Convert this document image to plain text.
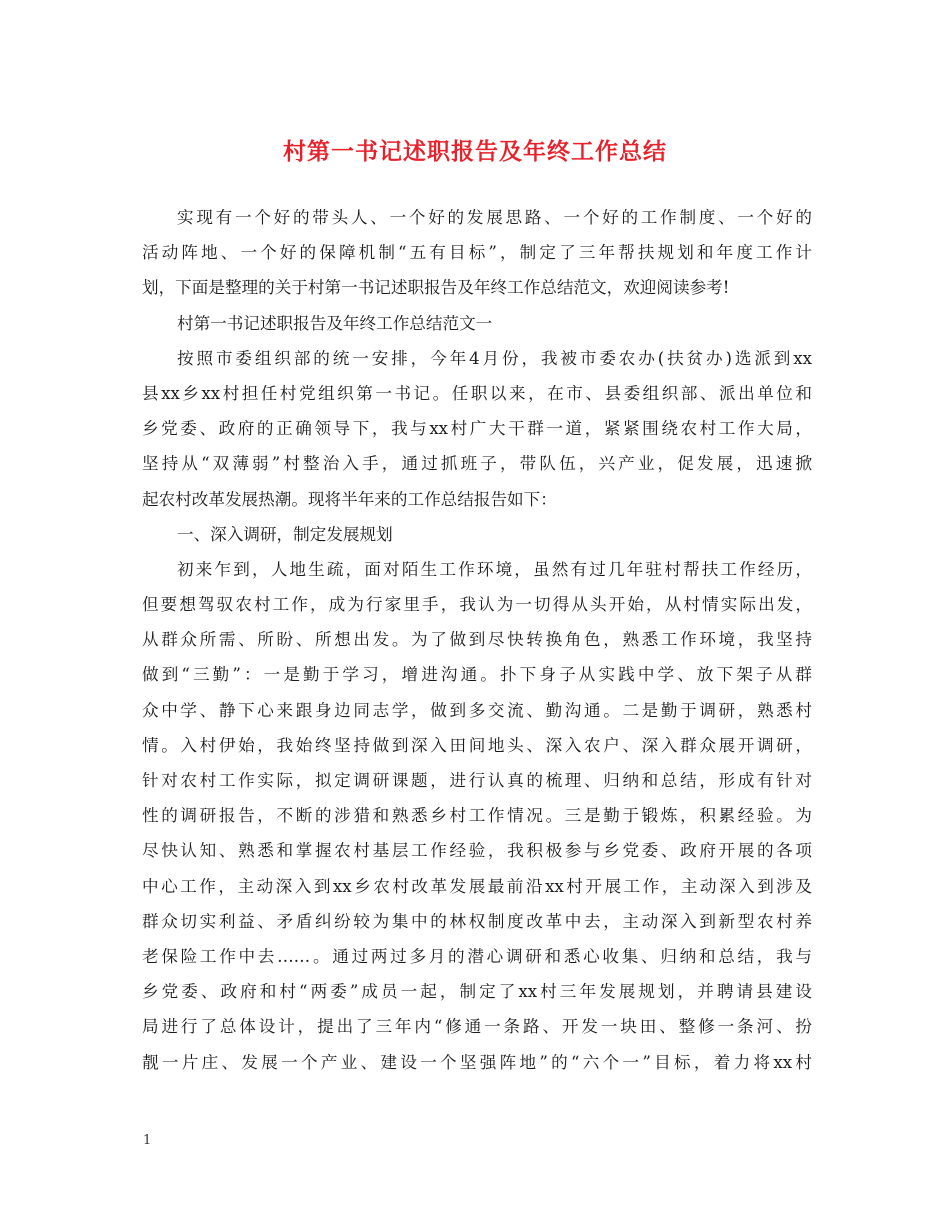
村第一书记述职报告及年终工作总结
实现有一个好的带头人、一个好的发展思路、一个好的工作制度、一个好的
活动阵地、一个好的保障机制“五有目标”，制定了三年帮扶规划和年度工作计
划，下面是整理的关于村第一书记述职报告及年终工作总结范文，欢迎阅读参考!
村第一书记述职报告及年终工作总结范文一
按照市委组织部的统一安排，今年4月份，我被市委农办(扶贫办)选派到xx
县xx乡xx村担任村党组织第一书记。任职以来，在市、县委组织部、派出单位和
乡党委、政府的正确领导下，我与xx村广大干群一道，紧紧围绕农村工作大局，
坚持从“双薄弱”村整治入手，通过抓班子，带队伍，兴产业，促发展，迅速掀
起农村改革发展热潮。现将半年来的工作总结报告如下：
一、深入调研，制定发展规划
初来乍到，人地生疏，面对陌生工作环境，虽然有过几年驻村帮扶工作经历，
但要想驾驭农村工作，成为行家里手，我认为一切得从头开始，从村情实际出发，
从群众所需、所盼、所想出发。为了做到尽快转换角色，熟悉工作环境，我坚持
做到“三勤”：一是勤于学习，增进沟通。扑下身子从实践中学、放下架子从群
众中学、静下心来跟身边同志学，做到多交流、勤沟通。二是勤于调研，熟悉村
情。入村伊始，我始终坚持做到深入田间地头、深入农户、深入群众展开调研，
针对农村工作实际，拟定调研课题，进行认真的梳理、归纳和总结，形成有针对
性的调研报告，不断的涉猎和熟悉乡村工作情况。三是勤于锻炼，积累经验。为
尽快认知、熟悉和掌握农村基层工作经验，我积极参与乡党委、政府开展的各项
中心工作，主动深入到xx乡农村改革发展最前沿xx村开展工作，主动深入到涉及
群众切实利益、矛盾纠纷较为集中的林权制度改革中去，主动深入到新型农村养
老保险工作中去……。通过两过多月的潜心调研和悉心收集、归纳和总结，我与
乡党委、政府和村“两委”成员一起，制定了xx村三年发展规划，并聘请县建设
局进行了总体设计，提出了三年内“修通一条路、开发一块田、整修一条河、扮
靓一片庄、发展一个产业、建设一个坚强阵地”的“六个一”目标，着力将xx村
1
